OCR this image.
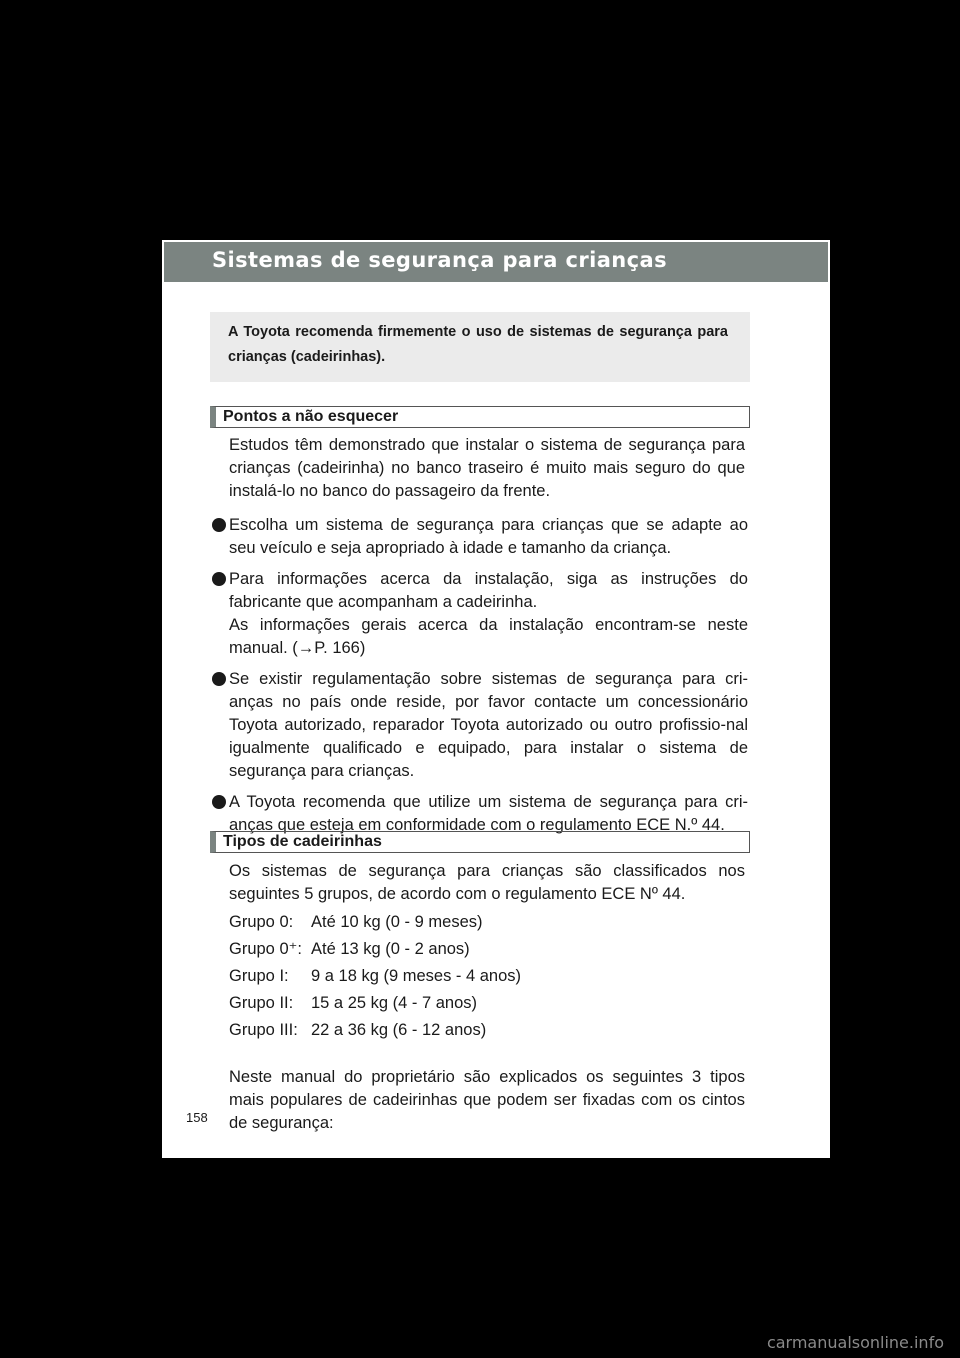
Sistemas de segurança para crianças
A Toyota recomenda firmemente o uso de sistemas de segurança para crianças (cadeirinhas).
Pontos a não esquecer
Estudos têm demonstrado que instalar o sistema de segurança para crianças (cadeirinha) no banco traseiro é muito mais seguro do que instalá-lo no banco do passageiro da frente.
Escolha um sistema de segurança para crianças que se adapte ao seu veículo e seja apropriado à idade e tamanho da criança.
Para informações acerca da instalação, siga as instruções do fabricante que acompanham a cadeirinha.
As informações gerais acerca da instalação encontram-se neste manual. (→P. 166)
Se existir regulamentação sobre sistemas de segurança para cri-anças no país onde reside, por favor contacte um concessionário Toyota autorizado, reparador Toyota autorizado ou outro profissio-nal igualmente qualificado e equipado, para instalar o sistema de segurança para crianças.
A Toyota recomenda que utilize um sistema de segurança para cri-anças que esteja em conformidade com o regulamento ECE N.º 44.
Tipos de cadeirinhas
Os sistemas de segurança para crianças são classificados nos seguintes 5 grupos, de acordo com o regulamento ECE Nº 44.
Grupo 0:	Até 10 kg (0 - 9 meses)
Grupo 0⁺: Até 13 kg (0 - 2 anos)
Grupo I:	9 a 18 kg (9 meses - 4 anos)
Grupo II:	15 a 25 kg (4 - 7 anos)
Grupo III: 22 a 36 kg (6 - 12 anos)
Neste manual do proprietário são explicados os seguintes 3 tipos mais populares de cadeirinhas que podem ser fixadas com os cintos de segurança:
158
carmanualsonline.info
